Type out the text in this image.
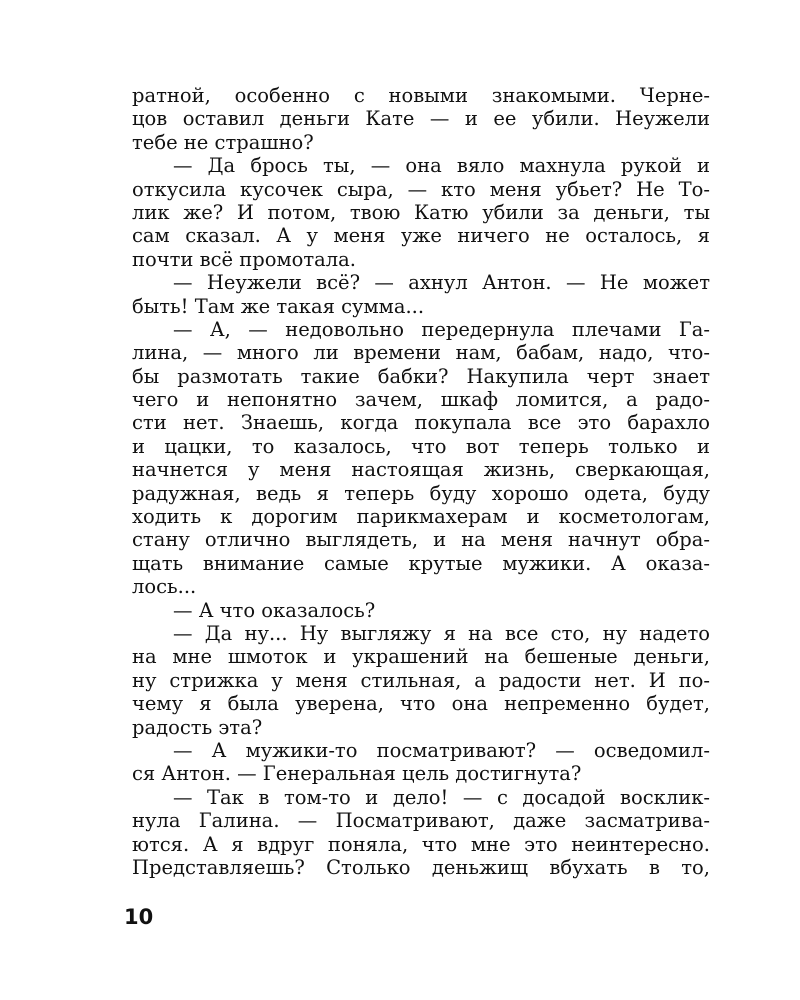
ратной, особенно с новыми знакомыми. Черне-
цов оставил деньги Кате — и ее убили. Неужели
тебе не страшно?
— Да брось ты, — она вяло махнула рукой и
откусила кусочек сыра, — кто меня убьет? Не То-
лик же? И потом, твою Катю убили за деньги, ты
сам сказал. А у меня уже ничего не осталось, я
почти всё промотала.
— Неужели всё? — ахнул Антон. — Не может
быть! Там же такая сумма...
— А, — недовольно передернула плечами Га-
лина, — много ли времени нам, бабам, надо, что-
бы размотать такие бабки? Накупила черт знает
чего и непонятно зачем, шкаф ломится, а радо-
сти нет. Знаешь, когда покупала все это барахло
и цацки, то казалось, что вот теперь только и
начнется у меня настоящая жизнь, сверкающая,
радужная, ведь я теперь буду хорошо одета, буду
ходить к дорогим парикмахерам и косметологам,
стану отлично выглядеть, и на меня начнут обра-
щать внимание самые крутые мужики. А оказа-
лось...
— А что оказалось?
— Да ну... Ну выгляжу я на все сто, ну надето
на мне шмоток и украшений на бешеные деньги,
ну стрижка у меня стильная, а радости нет. И по-
чему я была уверена, что она непременно будет,
радость эта?
— А мужики-то посматривают? — осведомил-
ся Антон. — Генеральная цель достигнута?
— Так в том-то и дело! — с досадой восклик-
нула Галина. — Посматривают, даже засматрива-
ются. А я вдруг поняла, что мне это неинтересно.
Представляешь? Столько деньжищ вбухать в то,
10
